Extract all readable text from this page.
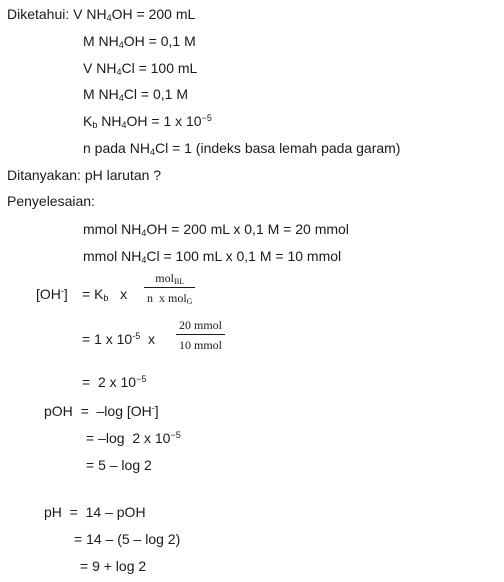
Diketahui: V $NH_4OH = 200$ mL
M $NH_4OH = 0,1$ M
V $NH_4Cl = 100$ mL
M $NH_4Cl = 0,1$ M
$K_b$ $NH_4OH = 1$ x $10^{-5}$
n pada $NH_4Cl = 1$ (indeks basa lemah pada garam)
Ditanyakan: pH larutan ?
Penyelesaian:
mmol $NH_4OH = 200$ mL x 0,1 M = 20 mmol
mmol $NH_4Cl = 100$ mL x 0,1 M = 10 mmol
$[OH^-] = K_b$   x
mol$_{BL}$
n  x mol$_G$
= 1 x $10^{-5}$  x
20 mmol
10 mmol
=  2 x $10^{-5}$
pOH  =  –log [OH-]
= –log  2 x $10^{-5}$
= 5 – log 2
pH  =  14 – pOH
= 14 – (5 – log 2)
= 9 + log 2
